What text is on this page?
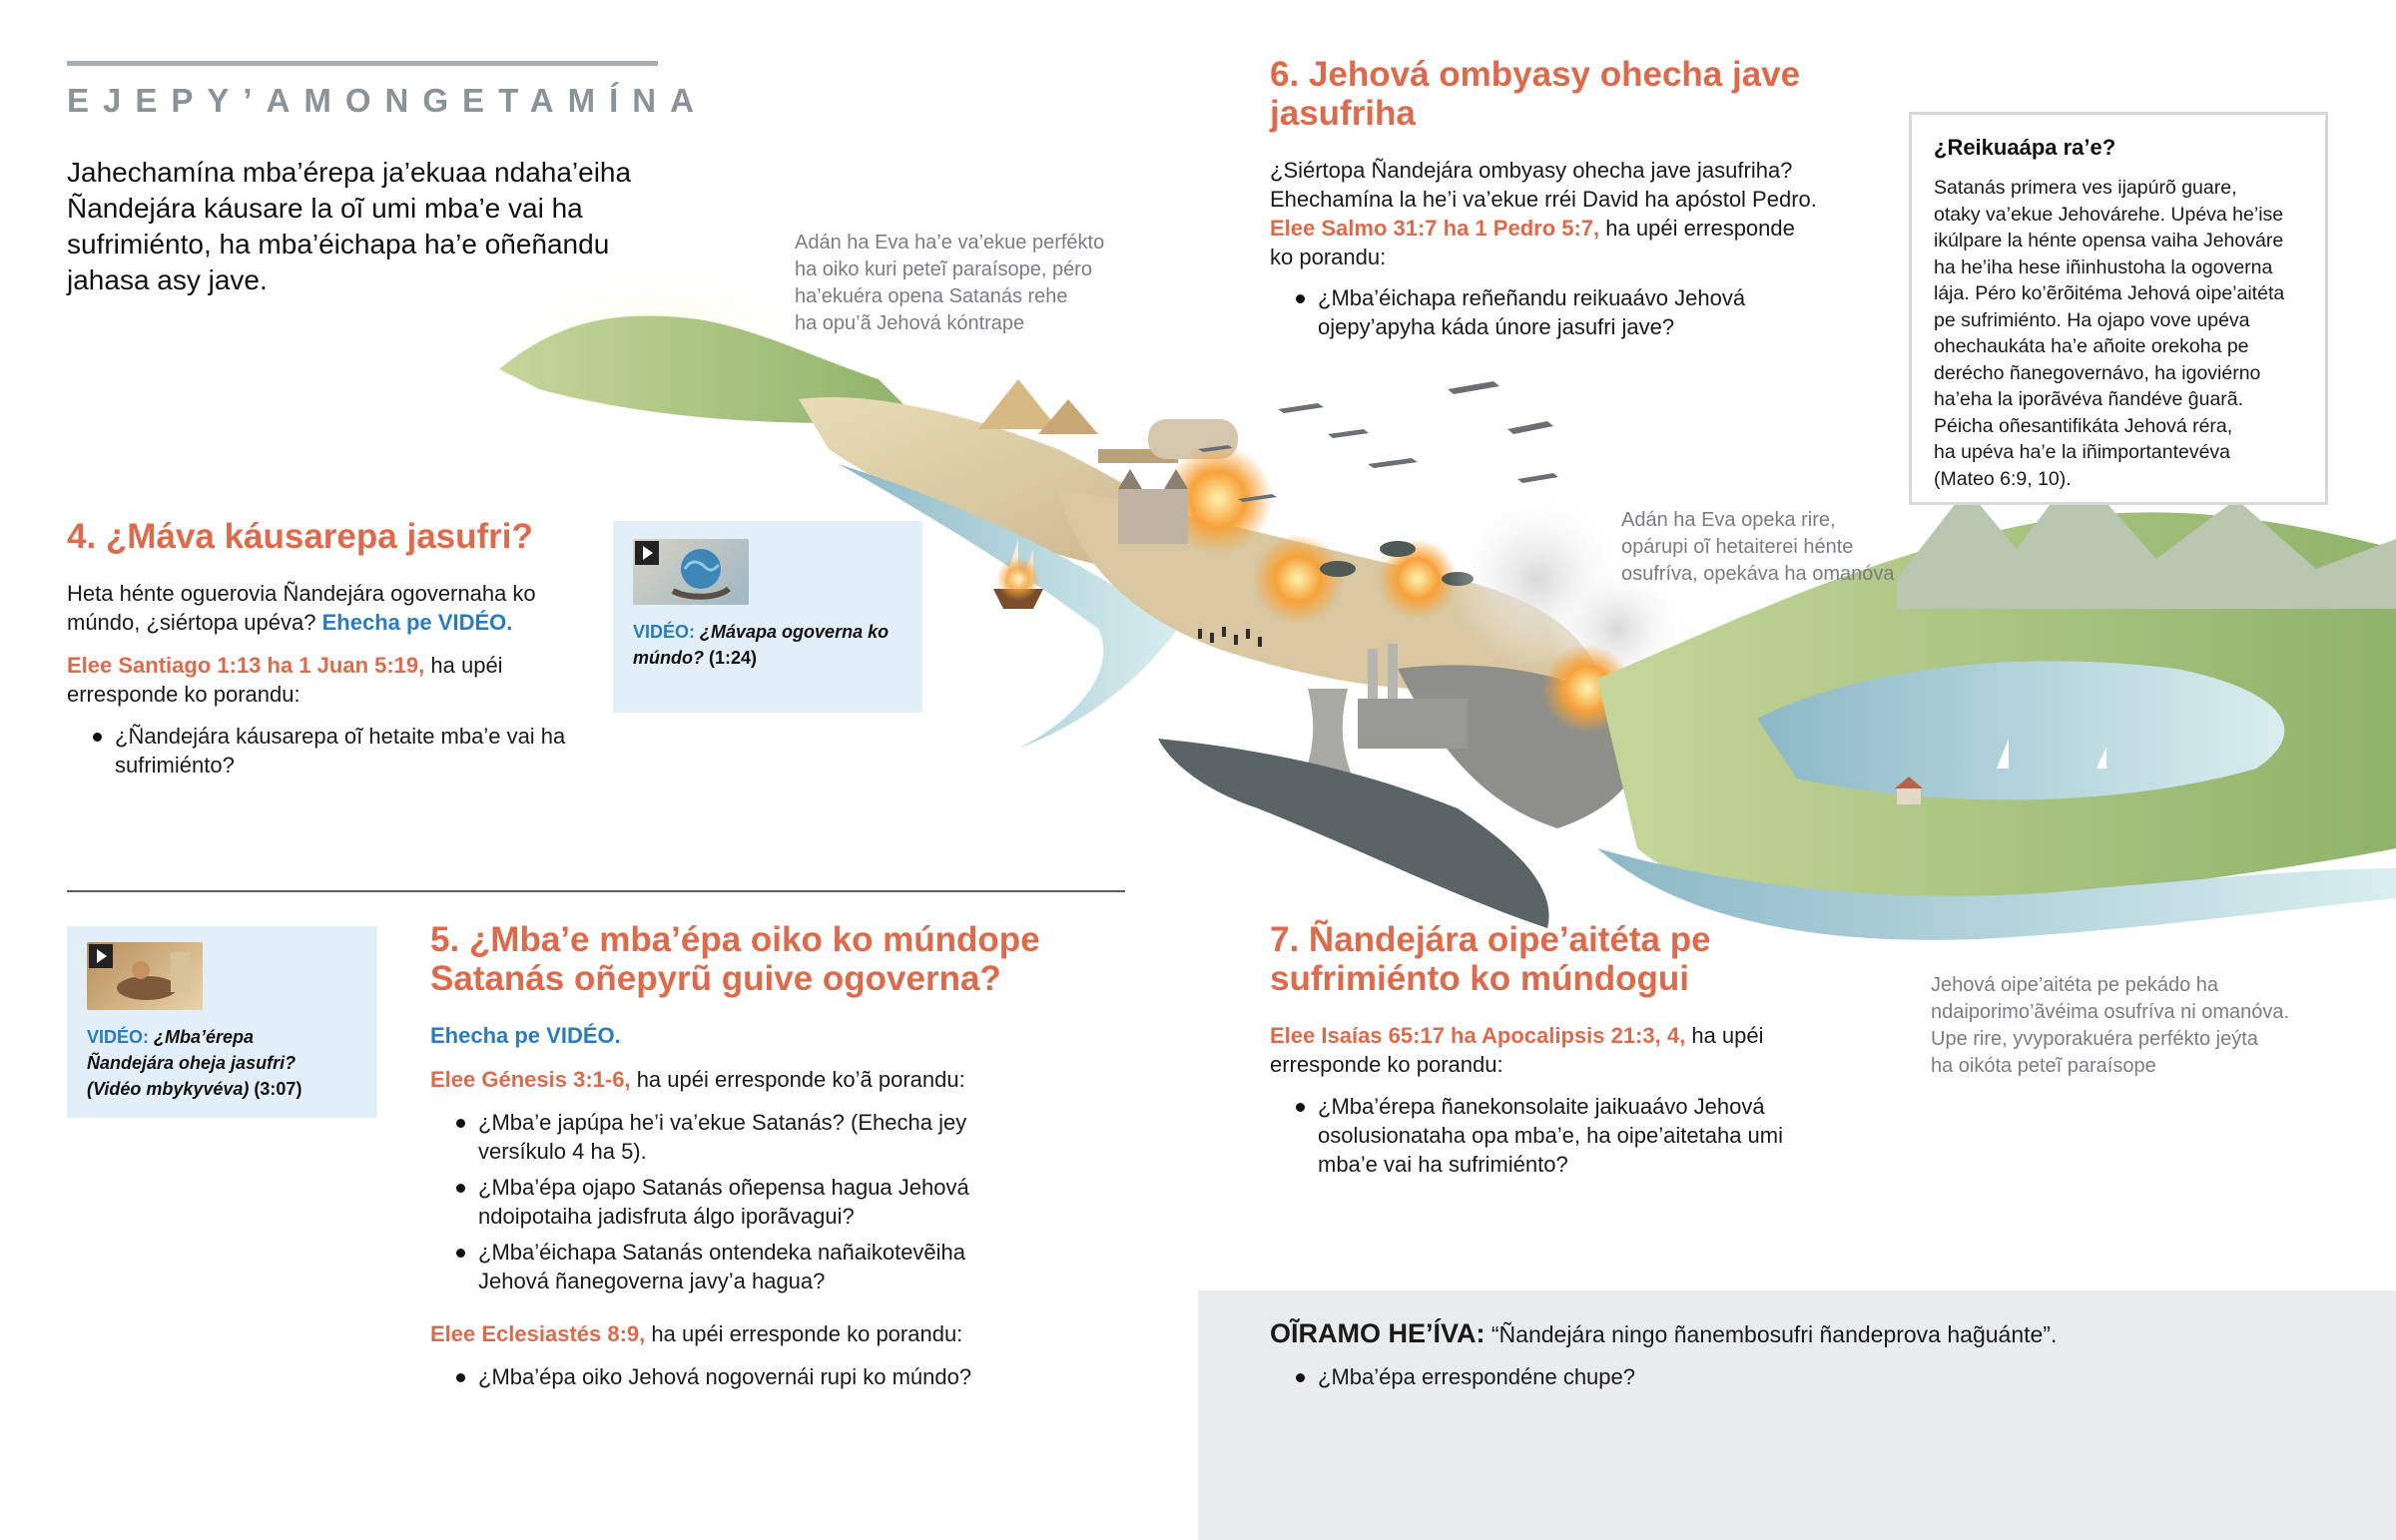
EJEPY’AMONGETAMÍNA
Jahechamína mba’érepa ja’ekuaa ndaha’eiha Ñandejára káusare la oĩ umi mba’e vai ha sufrimiénto, ha mba’éichapa ha’e oñeñandu jahasa asy jave.
Adán ha Eva ha’e va’ekue perfékto
ha oiko kuri peteĩ paraísope, péro
ha’ekuéra opena Satanás rehe
ha opu’ã Jehová kóntrape
Adán ha Eva opeka rire,
opárupi oĩ hetaiterei hénte
osufríva, opekáva ha omanóva
Jehová oipe’aitéta pe pekádo ha
ndaiporimo’ãvéima osufríva ni omanóva.
Upe rire, yvyporakuéra perfékto jeýta
ha oikóta peteĩ paraísope
4. ¿Máva káusarepa jasufri?
Heta hénte oguerovia Ñandejára ogovernaha ko múndo, ¿siértopa upéva? Ehecha pe VIDÉO.
Elee Santiago 1:13 ha 1 Juan 5:19, ha upéi
erresponde ko porandu:
¿Ñandejára káusarepa oĩ hetaite mba’e vai ha sufrimiénto?
VIDÉO: ¿Mávapa ogoverna ko múndo? (1:24)
VIDÉO: ¿Mba’érepa
Ñandejára oheja jasufri?
(Vidéo mbykyvéva) (3:07)
5. ¿Mba’e mba’épa oiko ko múndope
Satanás oñepyrũ guive ogoverna?
Ehecha pe VIDÉO.
Elee Génesis 3:1-6, ha upéi erresponde ko’ã porandu:
¿Mba’e japúpa he’i va’ekue Satanás? (Ehecha jey versíkulo 4 ha 5).
¿Mba’épa ojapo Satanás oñepensa hagua Jehová ndoipotaiha jadisfruta álgo iporãvagui?
¿Mba’éichapa Satanás ontendeka nañaikotevẽiha Jehová ñanegoverna javy’a hagua?
Elee Eclesiastés 8:9, ha upéi erresponde ko porandu:
¿Mba’épa oiko Jehová nogovernái rupi ko múndo?
6. Jehová ombyasy ohecha jave
jasufriha
¿Siértopa Ñandejára ombyasy ohecha jave jasufriha?
Ehechamína la he’i va’ekue rréi David ha apóstol Pedro.
Elee Salmo 31:7 ha 1 Pedro 5:7, ha upéi erresponde
ko porandu:
¿Mba’éichapa reñeñandu reikuaávo Jehová ojepy’apyha káda únore jasufri jave?
¿Reikuaápa ra’e?

Satanás primera ves ijapúrõ guare,
otaky va’ekue Jehovárehe. Upéva he’ise
ikúlpare la hénte opensa vaiha Jehováre
ha he’iha hese iñinhustoha la ogoverna
lája. Péro ko’ẽrõitéma Jehová oipe’aitéta
pe sufrimiénto. Ha ojapo vove upéva
ohechaukáta ha’e añoite orekoha pe
derécho ñanegovernávo, ha igoviérno
ha’eha la iporãvéva ñandéve ĝuarã.
Péicha oñesantifikáta Jehová réra,
ha upéva ha’e la iñimportantevéva
(Mateo 6:9, 10).

7. Ñandejára oipe’aitéta pe
sufrimiénto ko múndogui
Elee Isaías 65:17 ha Apocalipsis 21:3, 4, ha upéi
erresponde ko porandu:
¿Mba’érepa ñanekonsolaite jaikuaávo Jehová osolusionataha opa mba’e, ha oipe’aitetaha umi mba’e vai ha sufrimiénto?
OĨRAMO HE’ÍVA: “Ñandejára ningo ñanembosufri ñandeprova hag̃uánte”.
¿Mba’épa errespondéne chupe?
